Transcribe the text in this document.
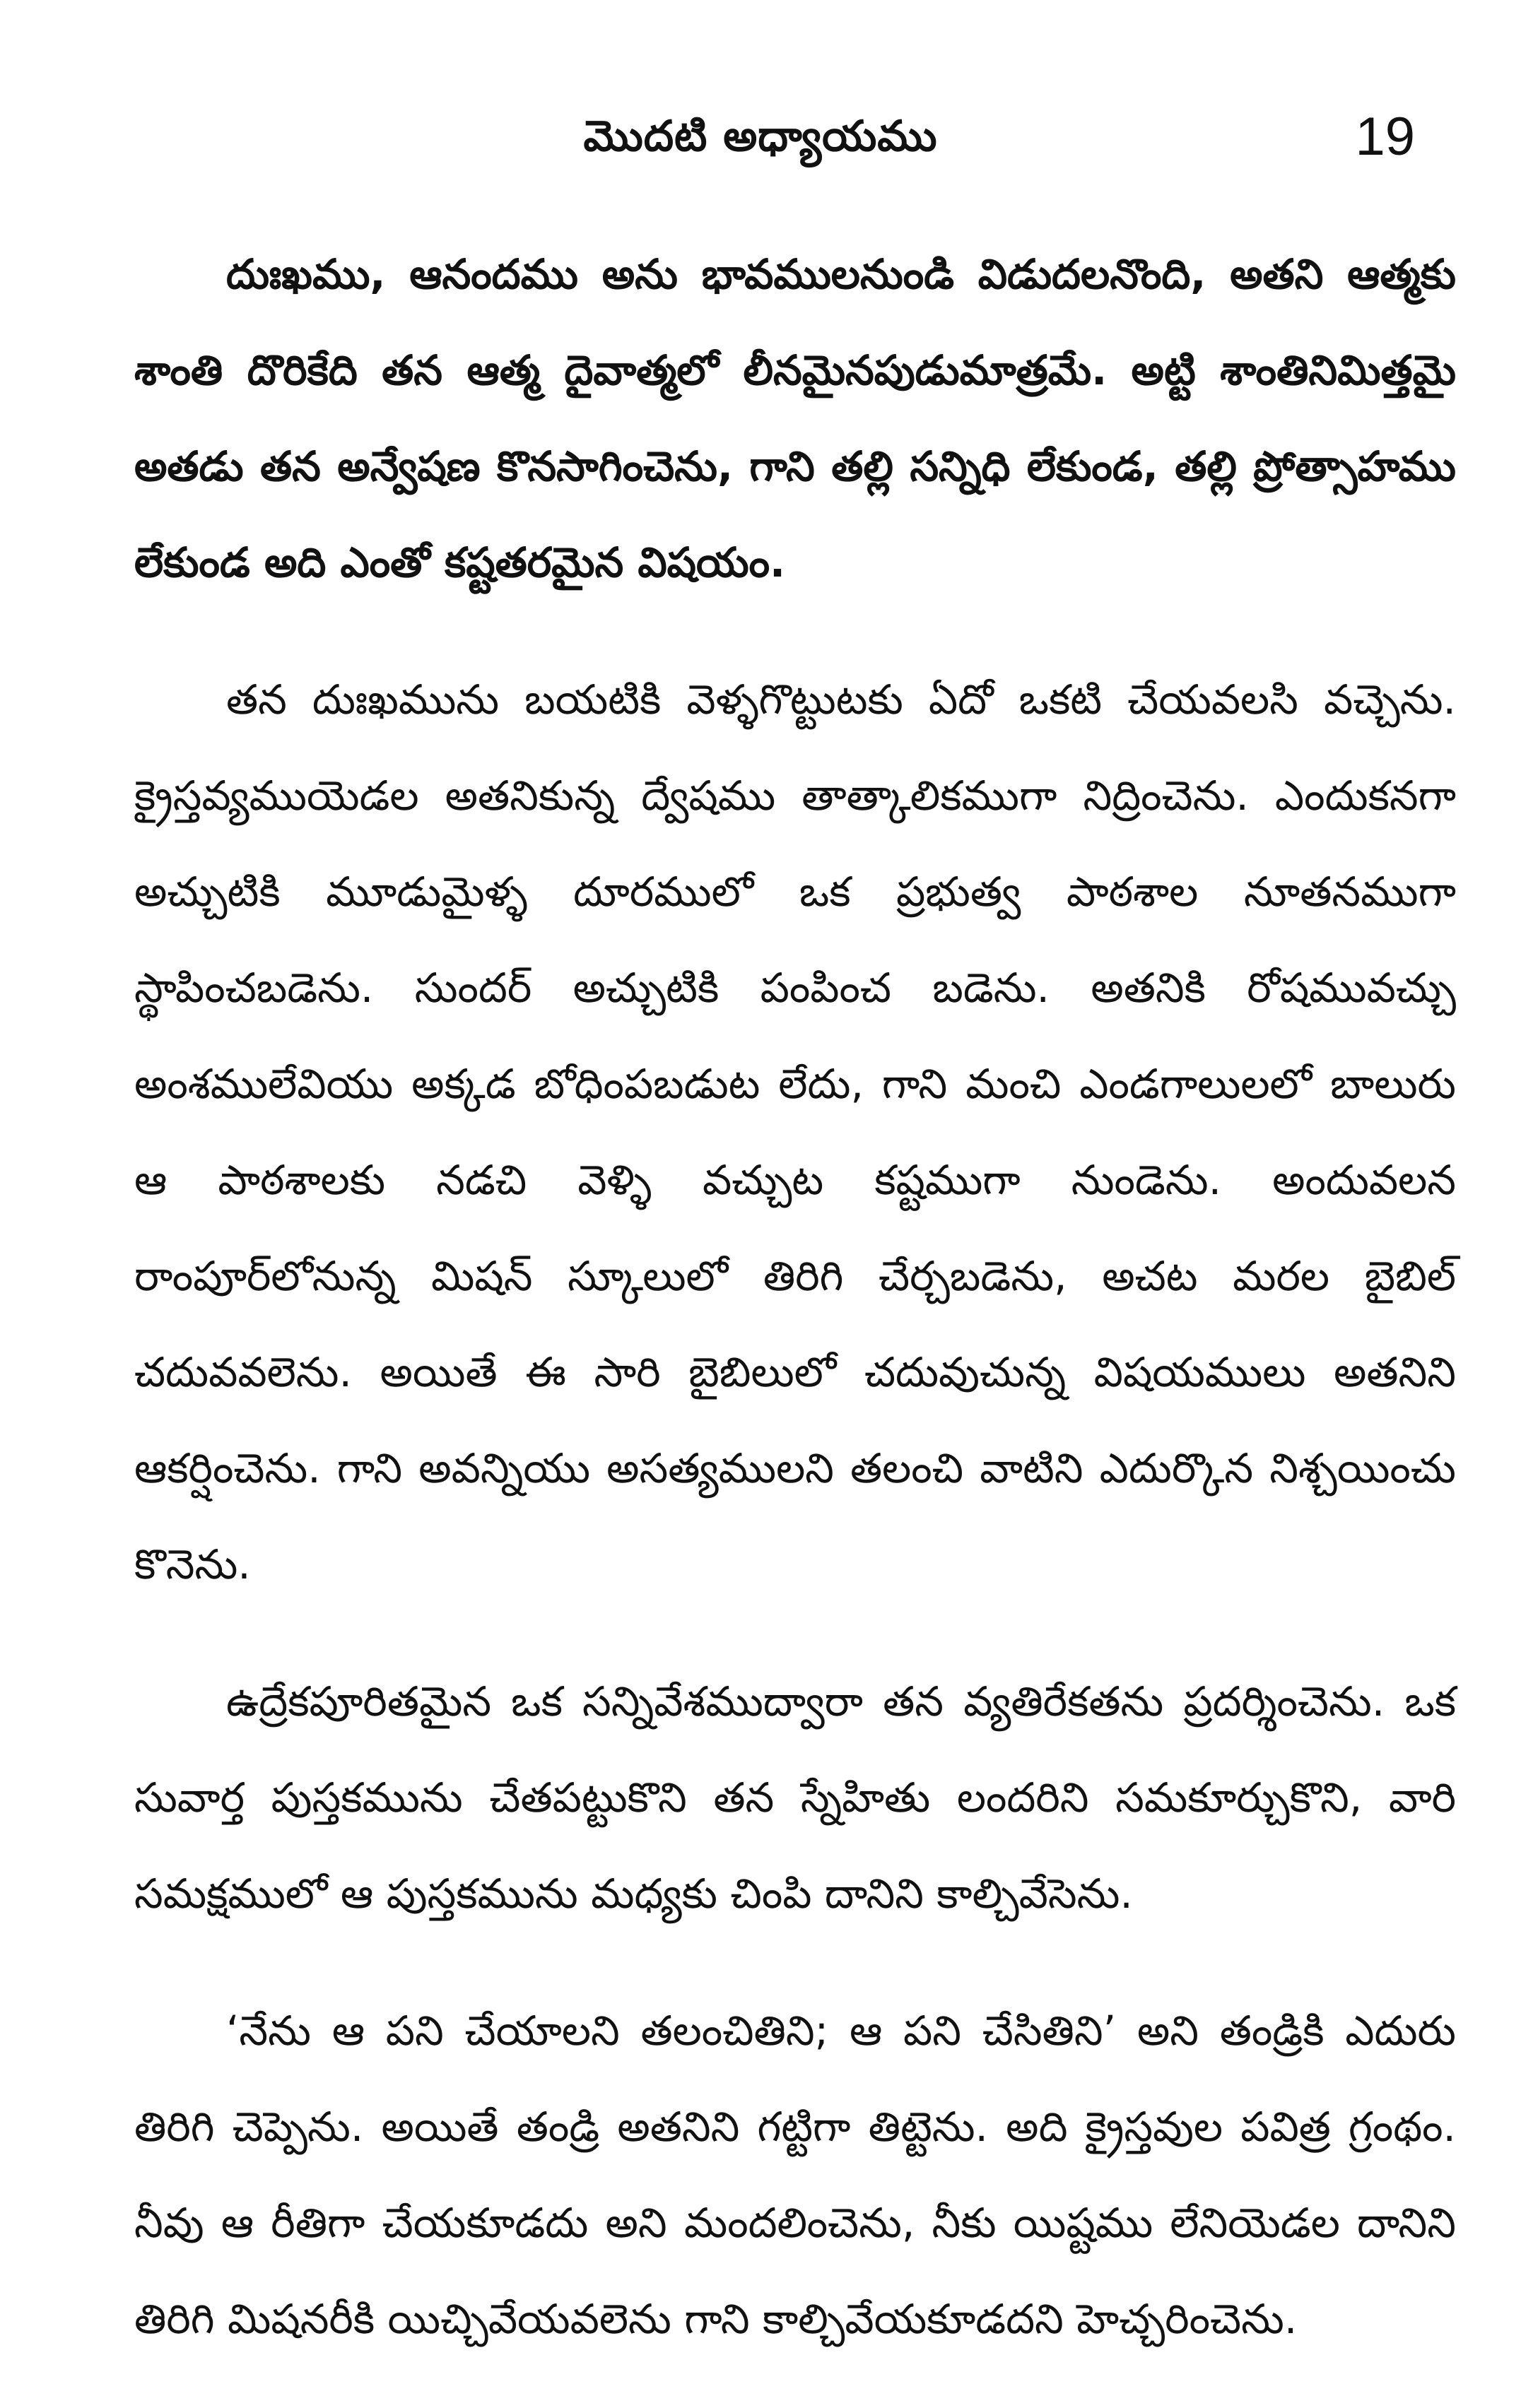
మొదటి అధ్యాయము	19

దుఃఖము, ఆనందము అను భావములనుండి విడుదలనొంది, అతని ఆత్మకు శాంతి దొరికేది తన ఆత్మ దైవాత్మలో లీనమైనపుడుమాత్రమే. అట్టి శాంతినిమిత్తమై అతడు తన అన్వేషణ కొనసాగించెను, గాని తల్లి సన్నిధి లేకుండ, తల్లి ప్రోత్సాహము లేకుండ అది ఎంతో కష్టతరమైన విషయం.

తన దుఃఖమును బయటికి వెళ్ళగొట్టుటకు ఏదో ఒకటి చేయవలసి వచ్చెను. క్రైస్తవ్యముయెడల అతనికున్న ద్వేషము తాత్కాలికముగా నిద్రించెను. ఎందుకనగా అచ్చుటికి మూడుమైళ్ళ దూరములో ఒక ప్రభుత్వ పాఠశాల నూతనముగా స్థాపించబడెను. సుందర్ అచ్చుటికి పంపించ బడెను. అతనికి రోషమువచ్చు అంశములేవియు అక్కడ బోధింపబడుట లేదు, గాని మంచి ఎండగాలులలో బాలురు ఆ పాఠశాలకు నడచి వెళ్ళి వచ్చుట కష్టముగా నుండెను. అందువలన రాంపూర్‌లోనున్న మిషన్ స్కూలులో తిరిగి చేర్చబడెను, అచట మరల బైబిల్ చదువవలెను. అయితే ఈ సారి బైబిలులో చదువుచున్న విషయములు అతనిని ఆకర్షించెను. గాని అవన్నియు అసత్యములని తలంచి వాటిని ఎదుర్కొన నిశ్చయించు కొనెను.

ఉద్రేకపూరితమైన ఒక సన్నివేశముద్వారా తన వ్యతిరేకతను ప్రదర్శించెను. ఒక సువార్త పుస్తకమును చేతపట్టుకొని తన స్నేహితు లందరిని సమకూర్చుకొని, వారి సమక్షములో ఆ పుస్తకమును మధ్యకు చింపి దానిని కాల్చివేసెను.

‘నేను ఆ పని చేయాలని తలంచితిని; ఆ పని చేసితిని’ అని తండ్రికి ఎదురు తిరిగి చెప్పెను. అయితే తండ్రి అతనిని గట్టిగా తిట్టెను. అది క్రైస్తవుల పవిత్ర గ్రంథం. నీవు ఆ రీతిగా చేయకూడదు అని మందలించెను, నీకు యిష్టము లేనియెడల దానిని తిరిగి మిషనరీకి యిచ్చివేయవలెను గాని కాల్చివేయకూడదని హెచ్చరించెను.
